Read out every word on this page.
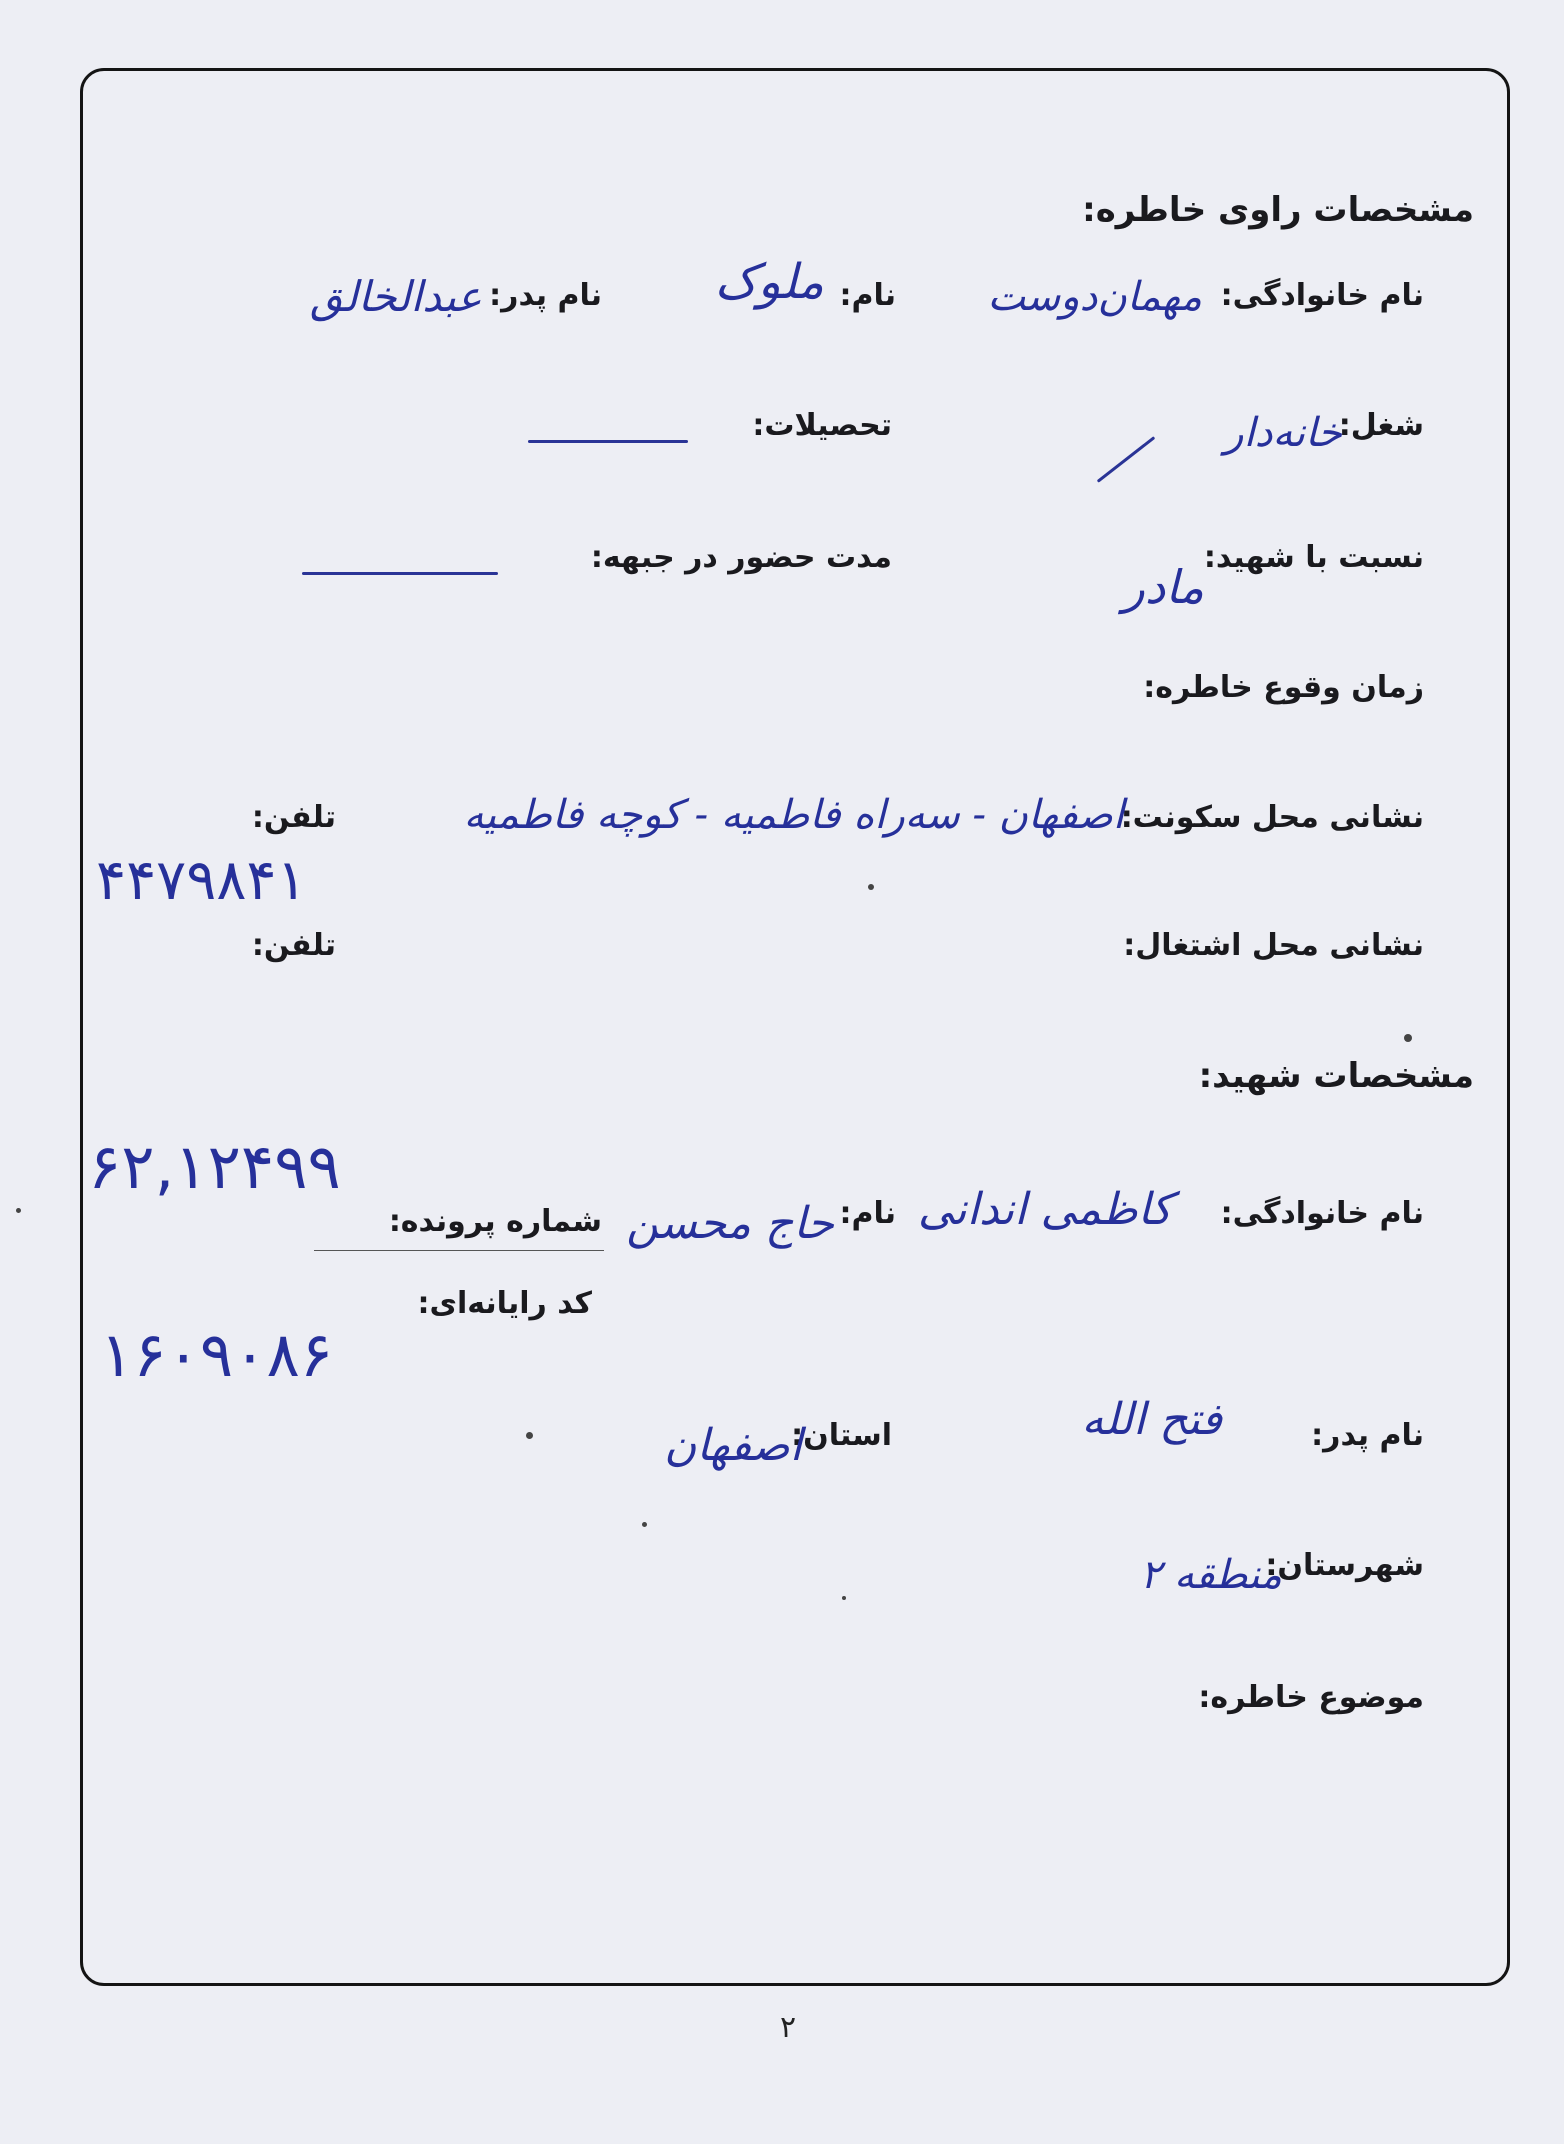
مشخصات راوی خاطره:
نام خانوادگی:
مهمان‌دوست
نام:
ملوک
نام پدر:
عبدالخالق
شغل:
خانه‌دار
تحصیلات:
نسبت با شهید:
مادر
مدت حضور در جبهه:
زمان وقوع خاطره:
نشانی محل سکونت:
اصفهان - سه‌راه فاطمیه - کوچه فاطمیه
تلفن:
۴۴۷۹۸۴۱
نشانی محل اشتغال:
تلفن:
مشخصات شهید:
۶۲,۱۲۴۹۹
نام خانوادگی:
کاظمی اندانی
نام:
حاج محسن
شماره پرونده:
کد رایانه‌ای:
۱۶۰۹۰۸۶
نام پدر:
فتح الله
استان:
اصفهان
شهرستان:
منطقه ۲
موضوع خاطره:
۲
